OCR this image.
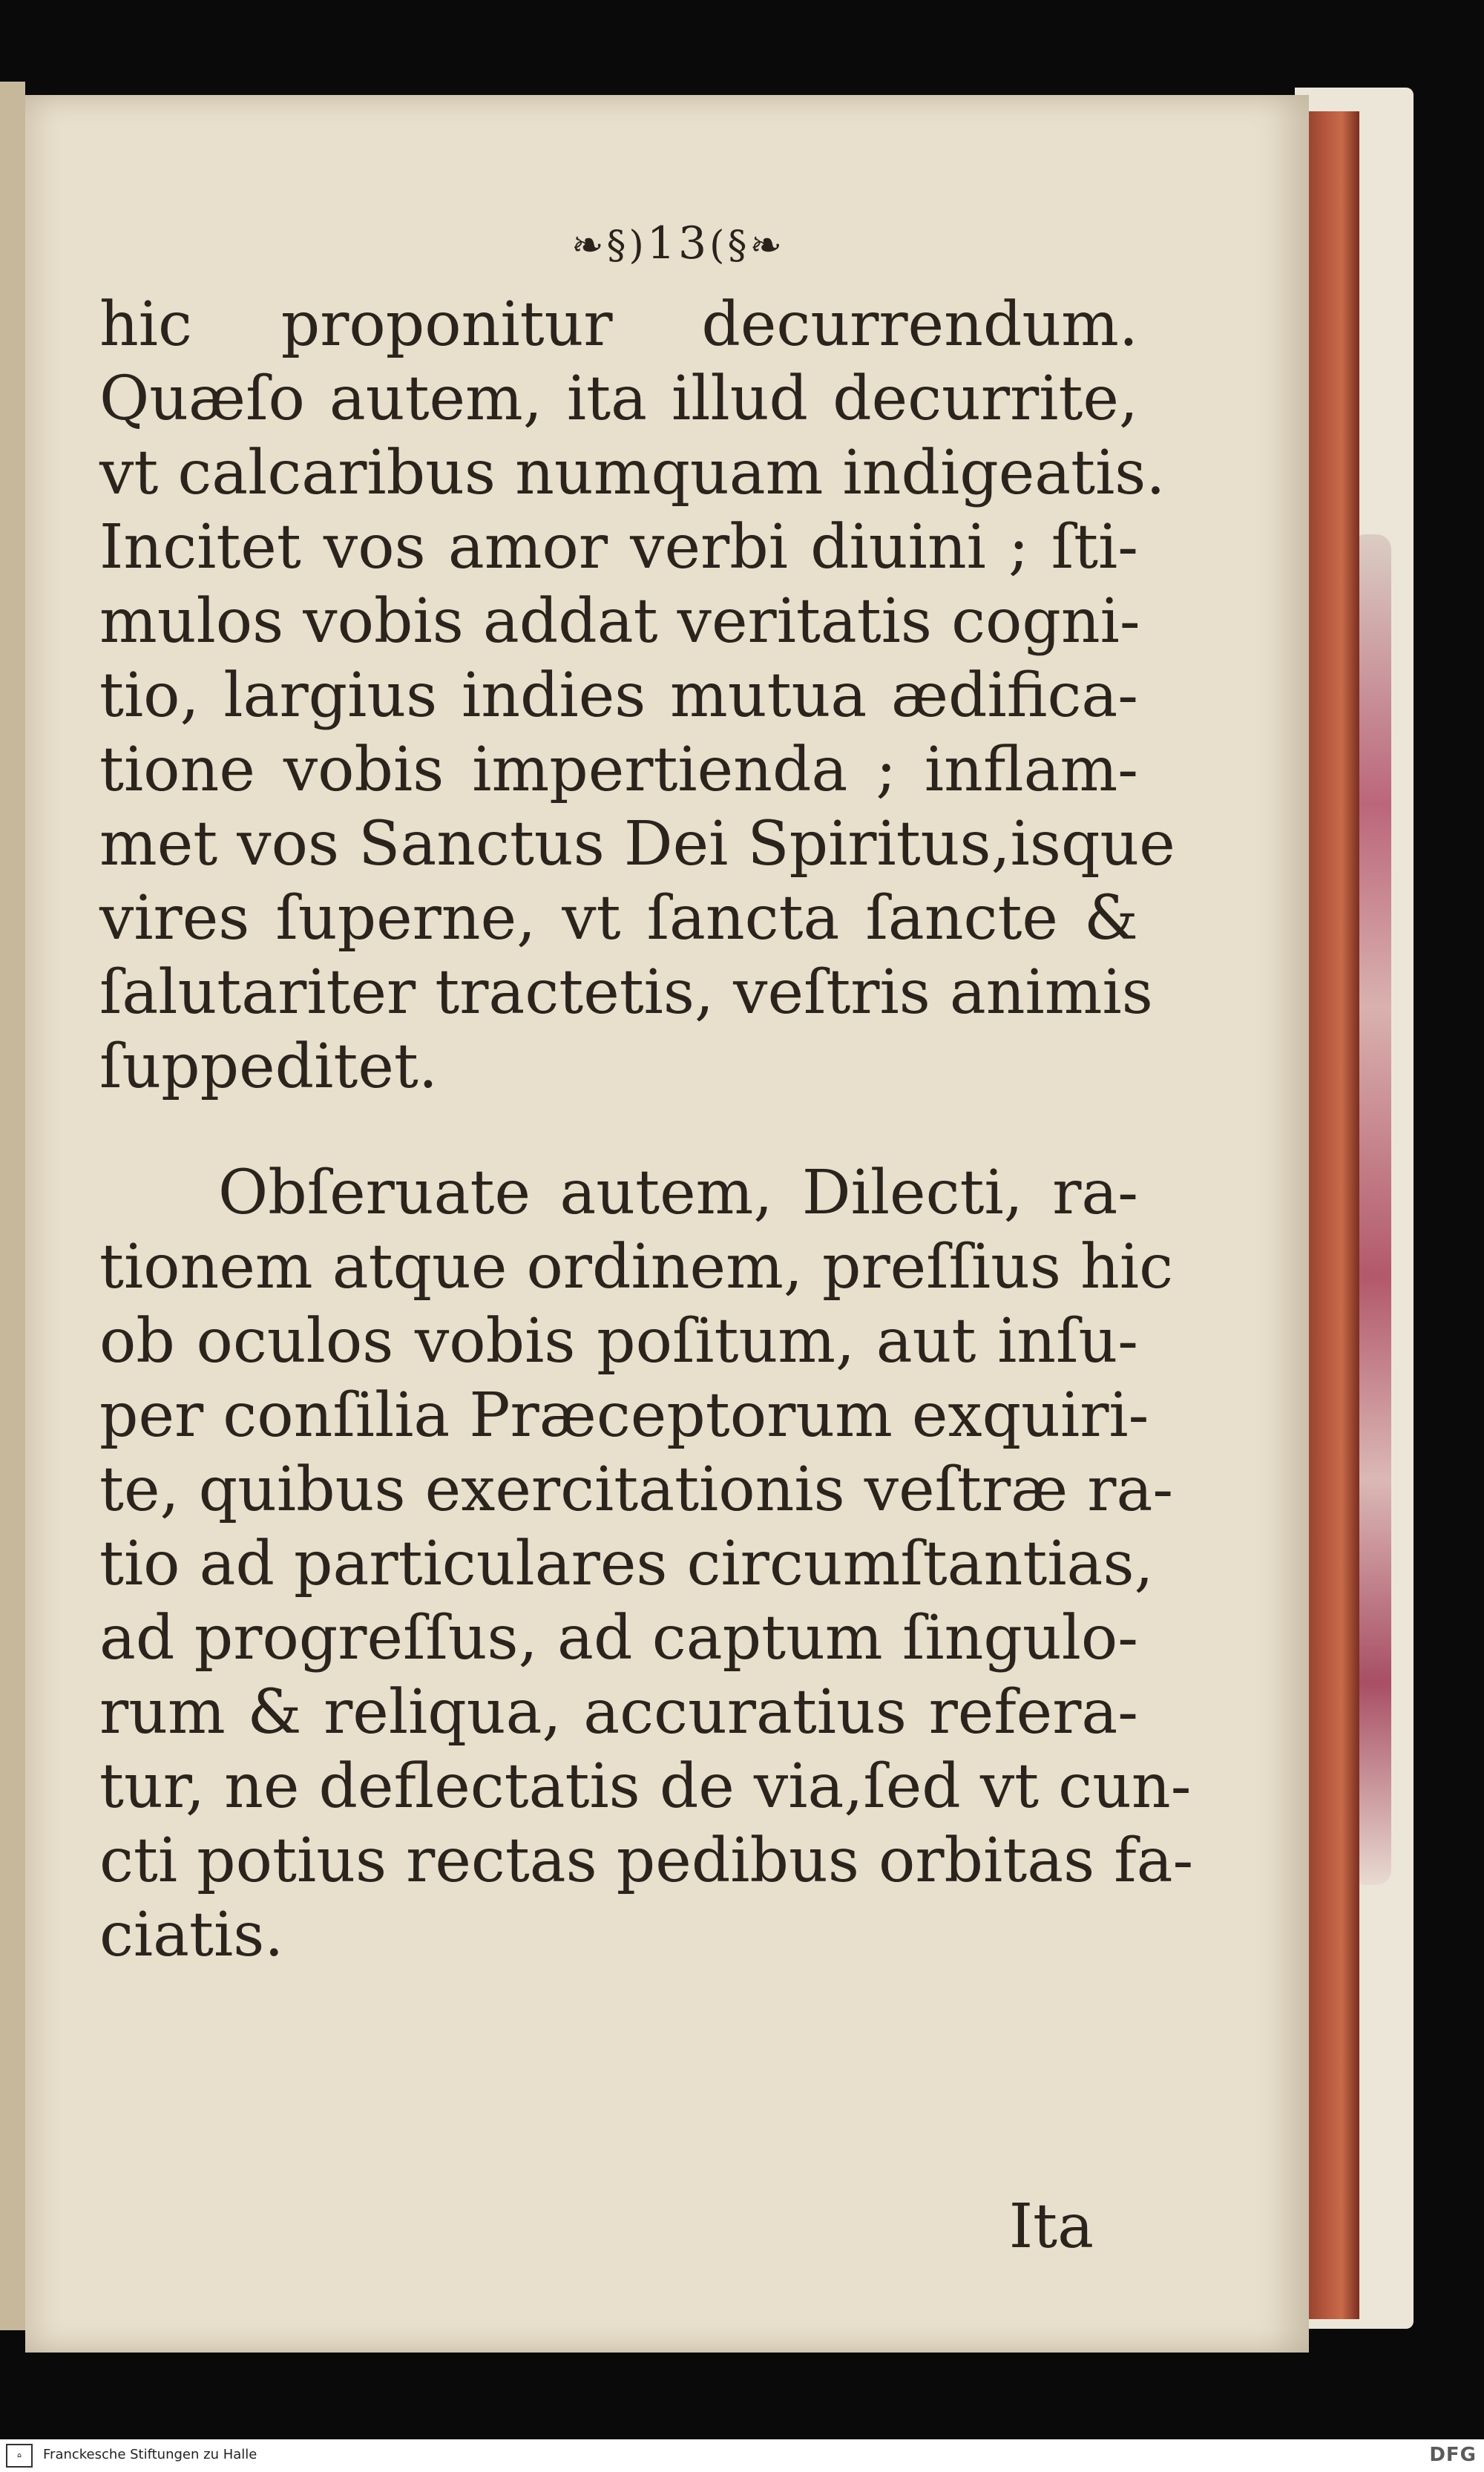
❧§)13(§❧
hic proponitur decurrendum.
Quæſo autem, ita illud decurrite,
vt calcaribus numquam indigeatis.
Incitet vos amor verbi diuini ; ſti-
mulos vobis addat veritatis cogni-
tio, largius indies mutua ædifica-
tione vobis impertienda ; inflam-
met vos Sanctus Dei Spiritus,isque
vires ſuperne, vt ſancta ſancte &
ſalutariter tractetis, veſtris animis
ſuppeditet.
Obſeruate autem, Dilecti, ra-
tionem atque ordinem, preſſius hic
ob oculos vobis poſitum, aut inſu-
per conſilia Præceptorum exquiri-
te, quibus exercitationis veſtræ ra-
tio ad particulares circumſtantias,
ad progreſſus, ad captum ſingulo-
rum & reliqua, accuratius refera-
tur, ne deflectatis de via,ſed vt cun-
cti potius rectas pedibus orbitas fa-
ciatis.
Ita
⌂	Franckesche Stiftungen zu Halle	DFG
